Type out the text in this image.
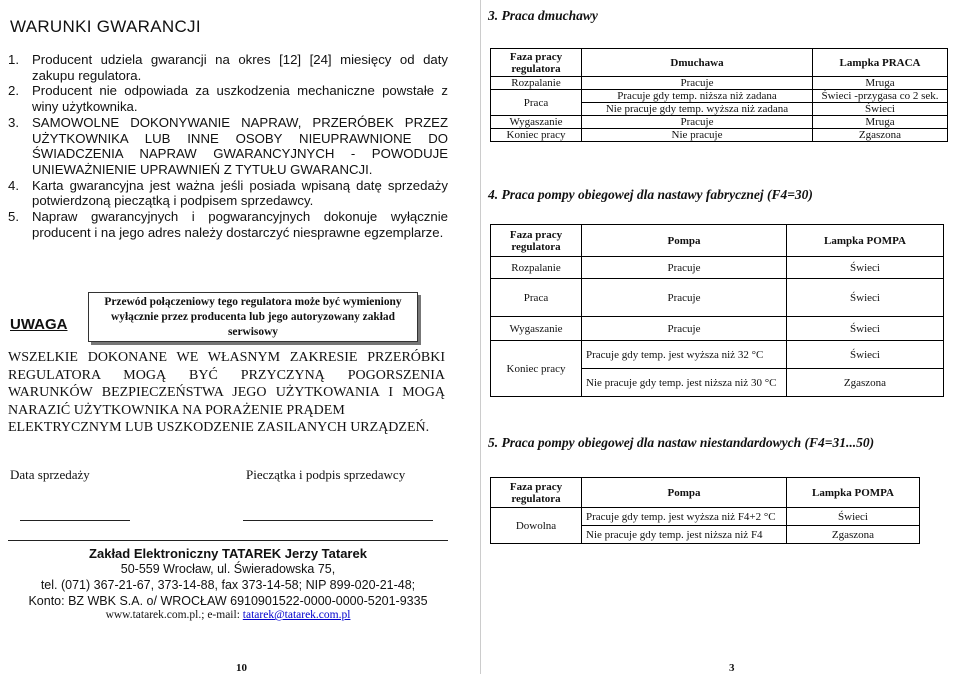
WARUNKI GWARANCJI
1. Producent udziela gwarancji na okres [12] [24] miesięcy od daty zakupu regulatora.
2. Producent nie odpowiada za uszkodzenia mechaniczne powstałe z winy użytkownika.
3. SAMOWOLNE DOKONYWANIE NAPRAW, PRZERÓBEK PRZEZ UŻYTKOWNIKA LUB INNE OSOBY NIEUPRAWNIONE DO ŚWIADCZENIA NAPRAW GWARANCYJNYCH - POWODUJE UNIEWAŻNIENIE UPRAWNIEŃ Z TYTUŁU GWARANCJI.
4. Karta gwarancyjna jest ważna jeśli posiada wpisaną datę sprzedaży potwierdzoną pieczątką i podpisem sprzedawcy.
5. Napraw gwarancyjnych i pogwarancyjnych dokonuje wyłącznie producent i na jego adres należy dostarczyć niesprawne egzemplarze.
UWAGA
Przewód połączeniowy tego regulatora może być wymieniony wyłącznie przez producenta lub jego autoryzowany zakład serwisowy
WSZELKIE DOKONANE WE WŁASNYM ZAKRESIE PRZERÓBKI REGULATORA MOGĄ BYĆ PRZYCZYNĄ POGORSZENIA WARUNKÓW BEZPIECZEŃSTWA JEGO UŻYTKOWANIA I MOGĄ NARAZIĆ UŻYTKOWNIKA NA PORAŻENIE PRĄDEM
ELEKTRYCZNYM LUB USZKODZENIE ZASILANYCH URZĄDZEŃ.
Data sprzedaży	Pieczątka i podpis sprzedawcy
Zakład Elektroniczny TATAREK Jerzy Tatarek
50-559 Wrocław, ul. Świeradowska 75,
tel. (071) 367-21-67, 373-14-88, fax 373-14-58; NIP 899-020-21-48;
Konto: BZ WBK S.A. o/ WROCŁAW 6910901522-0000-0000-5201-9335
www.tatarek.com.pl.; e-mail: tatarek@tatarek.com.pl
10
3. Praca dmuchawy
Faza pracy regulatora	Dmuchawa	Lampka PRACA
Rozpalanie	Pracuje	Mruga
Praca	Pracuje gdy temp. niższa niż zadana	Świeci -przygasa co 2 sek.
	Nie pracuje gdy temp. wyższa niż zadana	Świeci
Wygaszanie	Pracuje	Mruga
Koniec pracy	Nie pracuje	Zgaszona
4. Praca pompy obiegowej dla nastawy fabrycznej (F4=30)
Faza pracy regulatora	Pompa	Lampka POMPA
Rozpalanie	Pracuje	Świeci
Praca	Pracuje	Świeci
Wygaszanie	Pracuje	Świeci
Koniec pracy	Pracuje gdy temp. jest wyższa niż 32 °C	Świeci
	Nie pracuje gdy temp. jest niższa niż 30 °C	Zgaszona
5. Praca pompy obiegowej dla nastaw niestandardowych (F4=31...50)
Faza pracy regulatora	Pompa	Lampka POMPA
Dowolna	Pracuje gdy temp. jest wyższa niż F4+2 °C	Świeci
	Nie pracuje gdy temp. jest niższa niż F4	Zgaszona
3
